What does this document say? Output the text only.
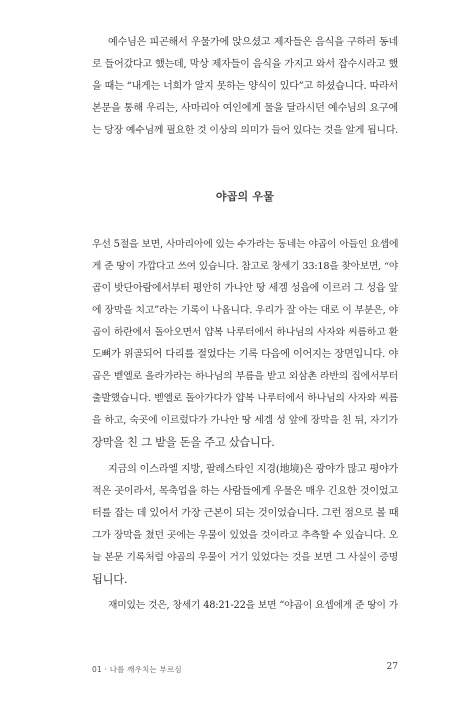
예수님은 피곤해서 우물가에 앉으셨고 제자들은 음식을 구하러 동네
로 들어갔다고 했는데, 막상 제자들이 음식을 가지고 와서 잡수시라고 했
을 때는 “내게는 너희가 알지 못하는 양식이 있다”고 하셨습니다. 따라서
본문을 통해 우리는, 사마리아 여인에게 물을 달라시던 예수님의 요구에
는 당장 예수님께 필요한 것 이상의 의미가 들어 있다는 것을 알게 됩니다.
야곱의 우물
우선 5절을 보면, 사마리아에 있는 수가라는 동네는 야곱이 아들인 요셉에
게 준 땅이 가깝다고 쓰여 있습니다. 참고로 창세기 33:18을 찾아보면, “야
곱이 밧단아람에서부터 평안히 가나안 땅 세겜 성읍에 이르러 그 성읍 앞
에 장막을 치고”라는 기록이 나옵니다. 우리가 잘 아는 대로 이 부분은, 야
곱이 하란에서 돌아오면서 얍복 나루터에서 하나님의 사자와 씨름하고 환
도뼈가 위골되어 다리를 절었다는 기록 다음에 이어지는 장면입니다. 야
곱은 벧엘로 올라가라는 하나님의 부름을 받고 외삼촌 라반의 집에서부터
출발했습니다. 벧엘로 돌아가다가 얍복 나루터에서 하나님의 사자와 씨름
을 하고, 숙곳에 이르렀다가 가나안 땅 세겜 성 앞에 장막을 친 뒤, 자기가
장막을 친 그 밭을 돈을 주고 샀습니다.
지금의 이스라엘 지방, 팔레스타인 지경(地境)은 광야가 많고 평야가
적은 곳이라서, 목축업을 하는 사람들에게 우물은 매우 긴요한 것이었고
터를 잡는 데 있어서 가장 근본이 되는 것이었습니다. 그런 점으로 볼 때
그가 장막을 쳤던 곳에는 우물이 있었을 것이라고 추측할 수 있습니다. 오
늘 본문 기록처럼 야곱의 우물이 거기 있었다는 것을 보면 그 사실이 증명
됩니다.
재미있는 것은, 창세기 48:21-22을 보면 “야곱이 요셉에게 준 땅이 가
01 · 나를 깨우치는 부르심	27
